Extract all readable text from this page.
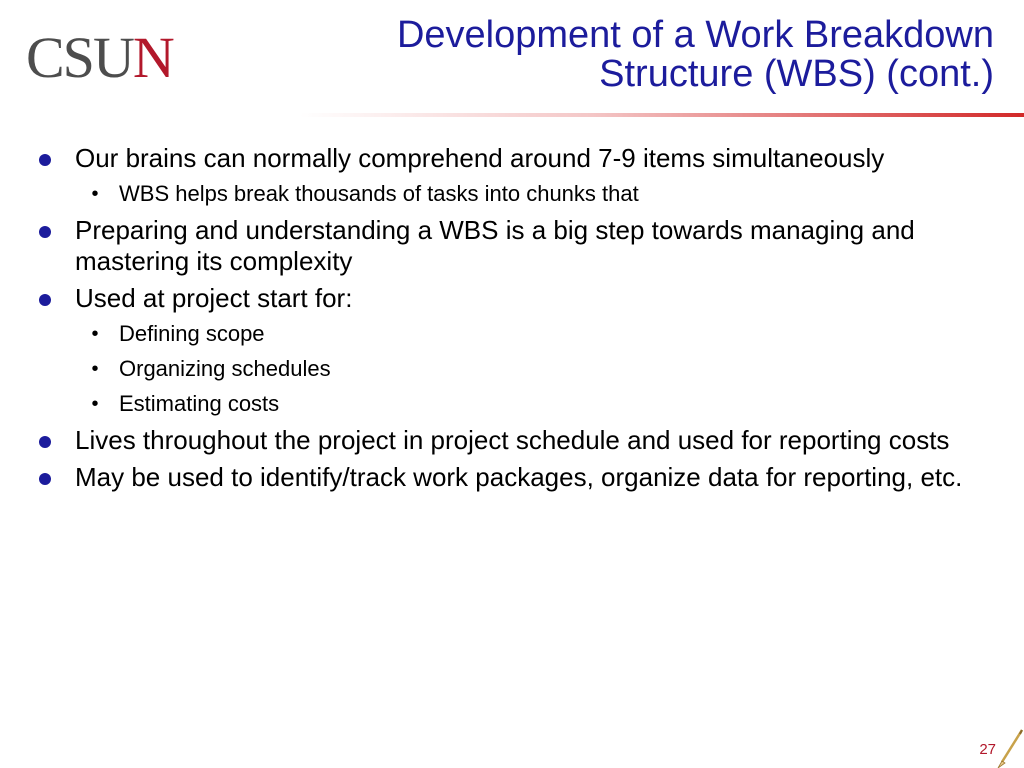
CSUN	Development of a Work Breakdown
Structure (WBS) (cont.)
Our brains can normally comprehend around 7-9 items simultaneously
• WBS helps break thousands of tasks into chunks that
Preparing and understanding a WBS is a big step towards managing and mastering its complexity
Used at project start for:
• Defining scope
• Organizing schedules
• Estimating costs
Lives throughout the project in project schedule and used for reporting costs
May be used to identify/track work packages, organize data for reporting, etc.
27
